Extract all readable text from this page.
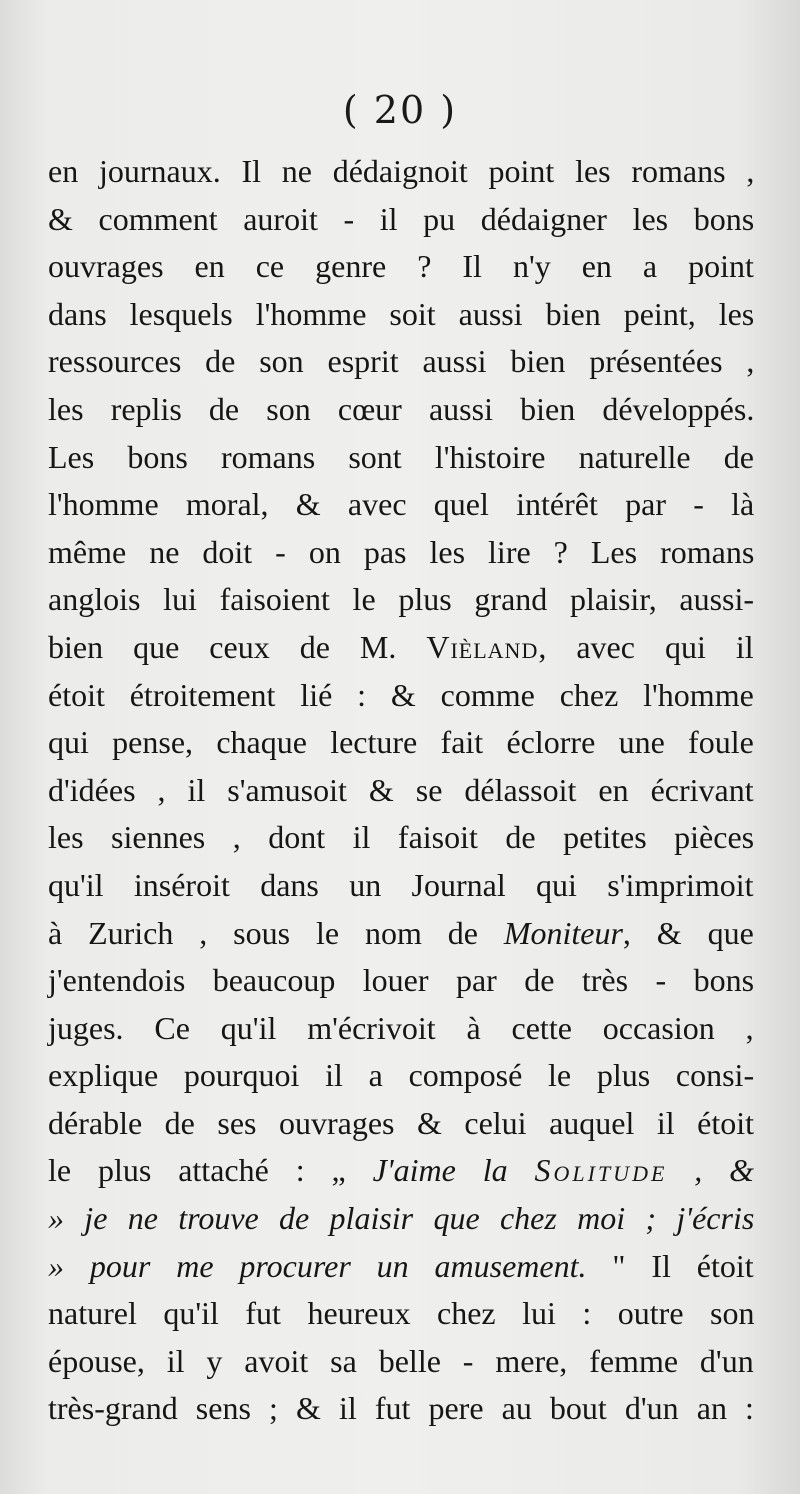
( 20 )
en journaux. Il ne dédaignoit point les romans ,
& comment auroit - il pu dédaigner les bons
ouvrages en ce genre ? Il n'y en a point
dans lesquels l'homme soit aussi bien peint, les
ressources de son esprit aussi bien présentées ,
les replis de son cœur aussi bien développés.
Les bons romans sont l'histoire naturelle de
l'homme moral, & avec quel intérêt par - là
même ne doit - on pas les lire ? Les romans
anglois lui faisoient le plus grand plaisir, aussi-
bien que ceux de M. Vièland, avec qui il
étoit étroitement lié : & comme chez l'homme
qui pense, chaque lecture fait éclorre une foule
d'idées , il s'amusoit & se délassoit en écrivant
les siennes , dont il faisoit de petites pièces
qu'il inséroit dans un Journal qui s'imprimoit
à Zurich , sous le nom de Moniteur, & que
j'entendois beaucoup louer par de très - bons
juges. Ce qu'il m'écrivoit à cette occasion ,
explique pourquoi il a composé le plus consi-
dérable de ses ouvrages & celui auquel il étoit
le plus attaché : „ J'aime la Solitude , &
» je ne trouve de plaisir que chez moi ; j'écris
» pour me procurer un amusement. " Il étoit
naturel qu'il fut heureux chez lui : outre son
épouse, il y avoit sa belle - mere, femme d'un
très-grand sens ; & il fut pere au bout d'un an :
